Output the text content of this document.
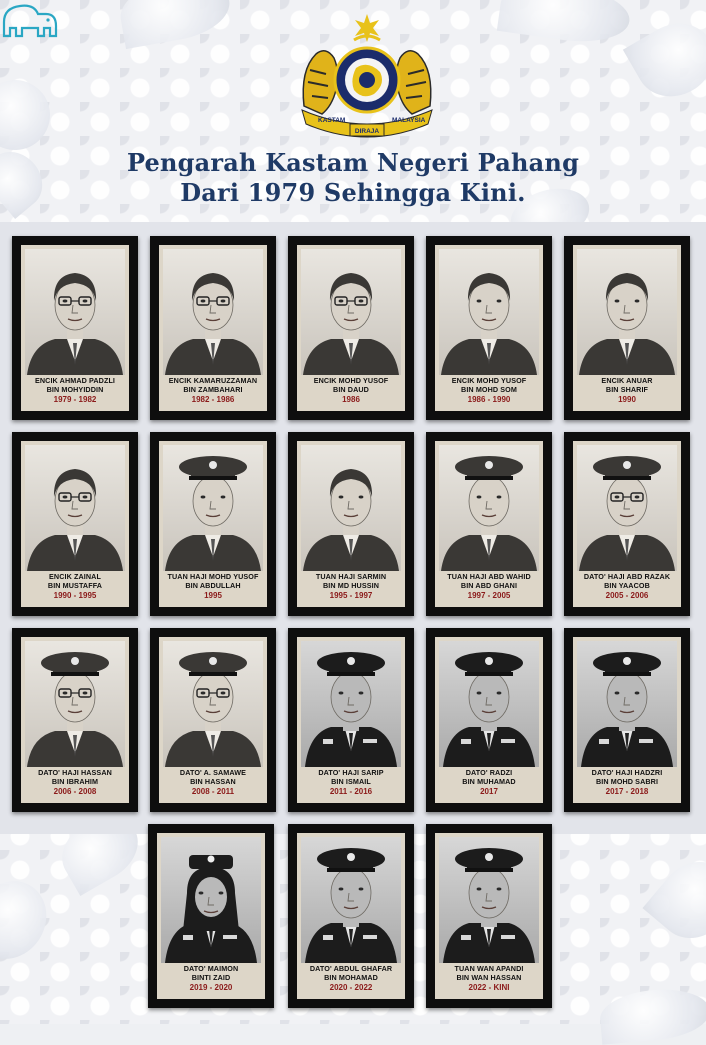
KASTAM	MALAYSIA
DIRAJA
Pengarah Kastam Negeri Pahang
Dari 1979 Sehingga Kini.
ENCIK AHMAD PADZLI
BIN MOHYIDDIN
1979 - 1982
ENCIK KAMARUZZAMAN
BIN ZAMBAHARI
1982 - 1986
ENCIK MOHD YUSOF
BIN DAUD
1986
ENCIK MOHD YUSOF
BIN MOHD SOM
1986 - 1990
ENCIK ANUAR
BIN SHARIF
1990
ENCIK ZAINAL
BIN MUSTAFFA
1990 - 1995
TUAN HAJI MOHD YUSOF
BIN ABDULLAH
1995
TUAN HAJI SARMIN
BIN MD HUSSIN
1995 - 1997
TUAN HAJI ABD WAHID
BIN ABD GHANI
1997 - 2005
DATO' HAJI ABD RAZAK
BIN YAACOB
2005 - 2006
DATO' HAJI HASSAN
BIN IBRAHIM
2006 - 2008
DATO' A. SAMAWE
BIN HASSAN
2008 - 2011
DATO' HAJI SARIP
BIN ISMAIL
2011 - 2016
DATO' RADZI
BIN MUHAMAD
2017
DATO' HAJI HADZRI
BIN MOHD SABRI
2017 - 2018
DATO' MAIMON
BINTI ZAID
2019 - 2020
DATO' ABDUL GHAFAR
BIN MOHAMAD
2020 - 2022
TUAN WAN APANDI
BIN WAN HASSAN
2022 - KINI
